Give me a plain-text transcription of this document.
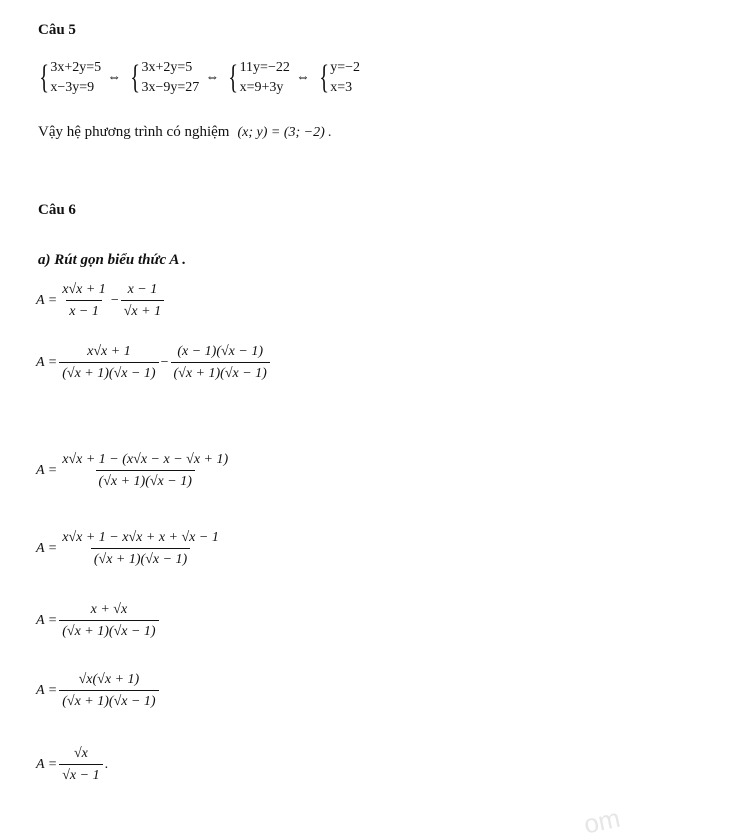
Câu 5
{ 3x+2y=5
x−3y=9
⇔ { 3x+2y=5
3x−9y=27
⇔ { 11y=−22
x=9+3y
⇔ { y=−2
x=3
Vậy hệ phương trình có nghiệm (x; y) = (3; −2) .
Câu 6
a) Rút gọn biểu thức A .
$A = \frac{x√x + 1}{x - 1} - \frac{x - 1}{√x + 1}$
$A = \frac{x√x + 1}{(√x + 1)(√x - 1)} - \frac{(x - 1)(√x - 1)}{(√x + 1)(√x - 1)}$
$A = \frac{x√x + 1 - (x√x - x - √x + 1)}{(√x + 1)(√x - 1)}$
$A = \frac{x√x + 1 - x√x + x + √x - 1}{(√x + 1)(√x - 1)}$
$A = \frac{x + √x}{(√x + 1)(√x - 1)}$
$A = \frac{√x(√x + 1)}{(√x + 1)(√x - 1)}$
$A = \frac{√x}{√x - 1}$ .
om
